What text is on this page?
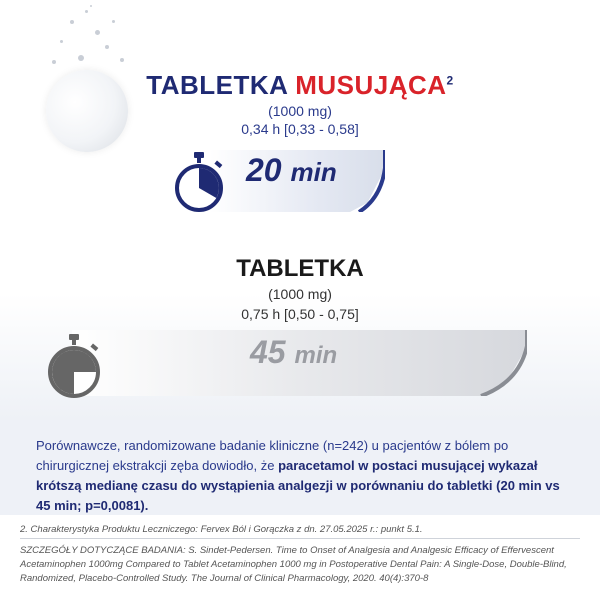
TABLETKA MUSUJĄCA$^2$
(1000 mg)
0,34 h [0,33 - 0,58]
20 min
TABLETKA
(1000 mg)
0,75 h [0,50 - 0,75]
45 min

Porównawcze, randomizowane badanie kliniczne (n=242) u pacjentów z bólem po chirurgicznej ekstrakcji zęba dowiodło, że paracetamol w postaci musującej wykazał krótszą medianę czasu do wystąpienia analgezji w porównaniu do tabletki (20 min vs 45 min; p=0,0081).

2. Charakterystyka Produktu Leczniczego: Fervex Ból i Gorączka z dn. 27.05.2025 r.: punkt 5.1.
SZCZEGÓŁY DOTYCZĄCE BADANIA: S. Sindet-Pedersen. Time to Onset of Analgesia and Analgesic Efficacy of Effervescent Acetaminophen 1000mg Compared to Tablet Acetaminophen 1000 mg in Postoperative Dental Pain: A Single-Dose, Double-Blind, Randomized, Placebo-Controlled Study. The Journal of Clinical Pharmacology, 2020. 40(4):370-8
